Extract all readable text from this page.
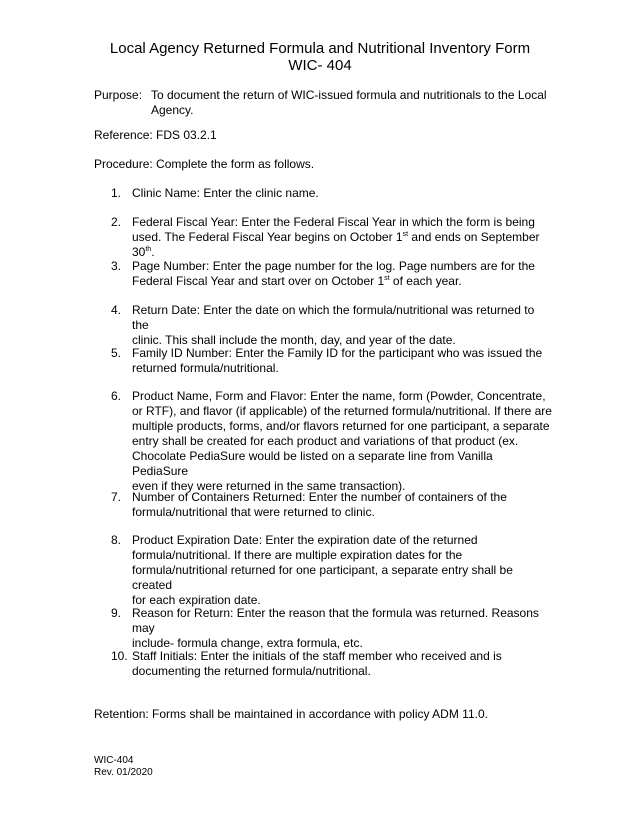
Local Agency Returned Formula and Nutritional Inventory Form
WIC- 404
Purpose: To document the return of WIC-issued formula and nutritionals to the Local
Agency.
Reference: FDS 03.2.1
Procedure: Complete the form as follows.
1. Clinic Name: Enter the clinic name.
2. Federal Fiscal Year: Enter the Federal Fiscal Year in which the form is being
used. The Federal Fiscal Year begins on October 1st and ends on September 30th.
3. Page Number: Enter the page number for the log. Page numbers are for the
Federal Fiscal Year and start over on October 1st of each year.
4. Return Date: Enter the date on which the formula/nutritional was returned to the
clinic. This shall include the month, day, and year of the date.
5. Family ID Number: Enter the Family ID for the participant who was issued the
returned formula/nutritional.
6. Product Name, Form and Flavor: Enter the name, form (Powder, Concentrate,
or RTF), and flavor (if applicable) of the returned formula/nutritional. If there are
multiple products, forms, and/or flavors returned for one participant, a separate
entry shall be created for each product and variations of that product (ex.
Chocolate PediaSure would be listed on a separate line from Vanilla PediaSure
even if they were returned in the same transaction).
7. Number of Containers Returned: Enter the number of containers of the
formula/nutritional that were returned to clinic.
8. Product Expiration Date: Enter the expiration date of the returned
formula/nutritional. If there are multiple expiration dates for the
formula/nutritional returned for one participant, a separate entry shall be created
for each expiration date.
9. Reason for Return: Enter the reason that the formula was returned. Reasons may
include- formula change, extra formula, etc.
10. Staff Initials: Enter the initials of the staff member who received and is
documenting the returned formula/nutritional.
Retention: Forms shall be maintained in accordance with policy ADM 11.0.
WIC-404
Rev. 01/2020
